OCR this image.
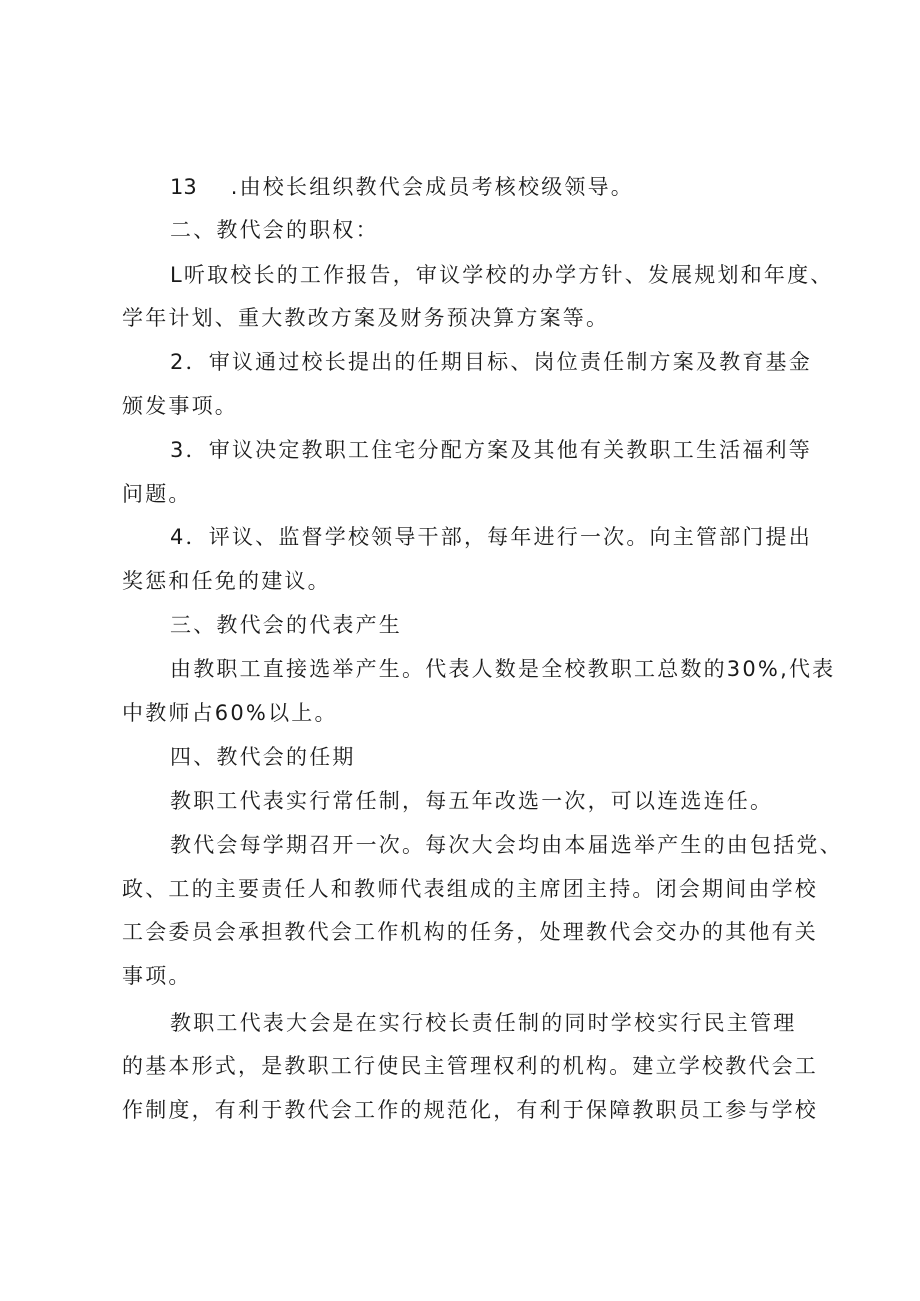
13 .由校长组织教代会成员考核校级领导。
二、教代会的职权：
L听取校长的工作报告，审议学校的办学方针、发展规划和年度、
学年计划、重大教改方案及财务预决算方案等。
2．审议通过校长提出的任期目标、岗位责任制方案及教育基金
颁发事项。
3．审议决定教职工住宅分配方案及其他有关教职工生活福利等
问题。
4．评议、监督学校领导干部，每年进行一次。向主管部门提出
奖惩和任免的建议。
三、教代会的代表产生
由教职工直接选举产生。代表人数是全校教职工总数的30%,代表
中教师占60%以上。
四、教代会的任期
教职工代表实行常任制，每五年改选一次，可以连选连任。
教代会每学期召开一次。每次大会均由本届选举产生的由包括党、
政、工的主要责任人和教师代表组成的主席团主持。闭会期间由学校
工会委员会承担教代会工作机构的任务，处理教代会交办的其他有关
事项。
教职工代表大会是在实行校长责任制的同时学校实行民主管理
的基本形式，是教职工行使民主管理权利的机构。建立学校教代会工
作制度，有利于教代会工作的规范化，有利于保障教职员工参与学校
